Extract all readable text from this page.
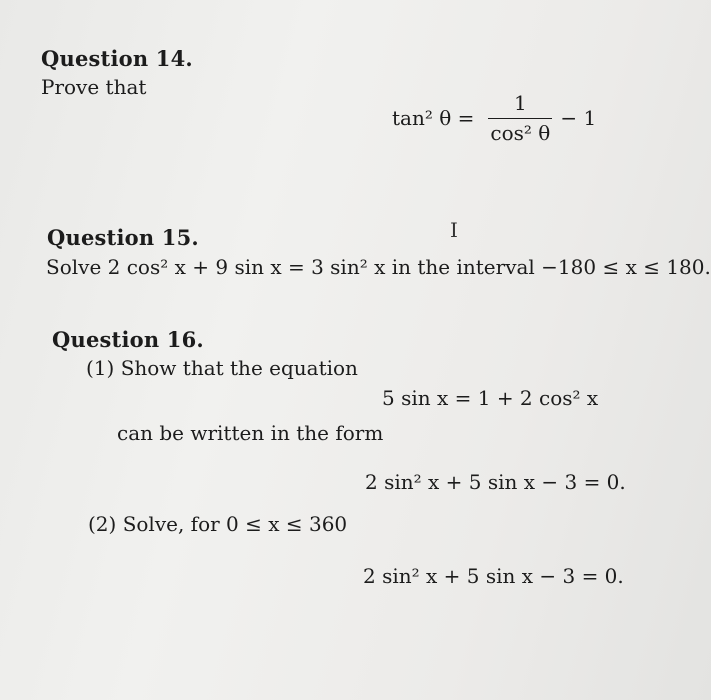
Question 14.
Prove that
tan² $\theta = \frac{1}{\text{cos² θ}} - 1$
I
Question 15.
Solve 2 cos² x + 9 sin x = 3 sin² x in the interval −180 ≤ x ≤ 180.
Question 16.
(1) Show that the equation
5 sin x = 1 + 2 cos² x
can be written in the form
2 sin² x + 5 sin x − 3 = 0.
(2) Solve, for 0 ≤ x ≤ 360
2 sin² x + 5 sin x − 3 = 0.
